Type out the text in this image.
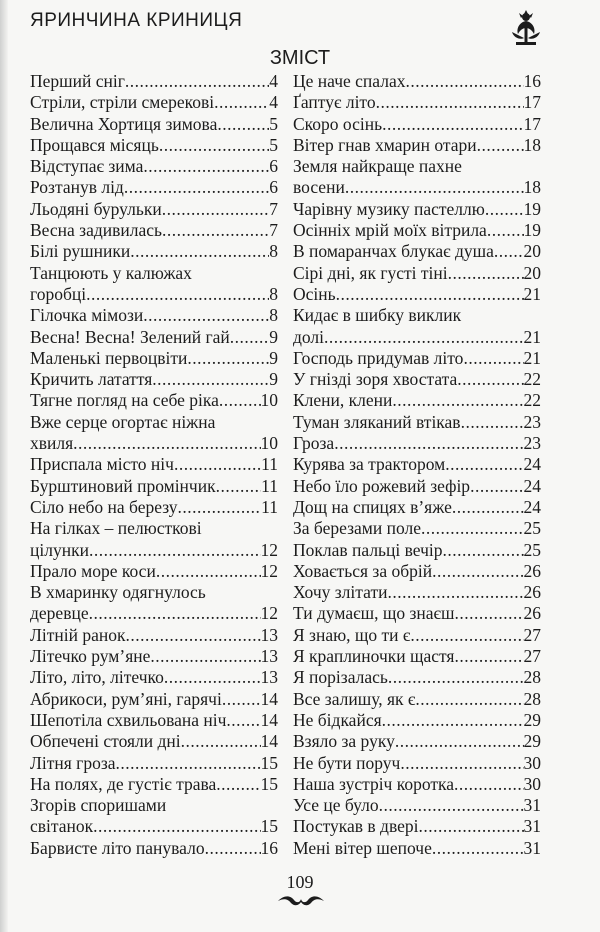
ЯРИНЧИНА КРИНИЦЯ
ЗМІСТ
Перший сніг .....	4
Стріли, стріли смерекові .....	4
Велична Хортиця зимова .....	5
Прощався місяць .....	5
Відступає зима .....	6
Розтанув лід .....	6
Льодяні бурульки .....	7
Весна задивилась .....	7
Білі рушники .....	8
Танцюють у калюжах
горобці .....	8
Гілочка мімози .....	8
Весна! Весна! Зелений гай ..... 9
Маленькі первоцвіти .....	9
Кричить латаття .....	9
Тягне погляд на себе ріка ..... 10
Вже серце огортає ніжна
хвиля .....	10
Приспала місто ніч .....	11
Бурштиновий промінчик .....	11
Сіло небо на березу .....	11
На гілках – пелюсткові
цілунки .....	12
Прало море коси .....	12
В хмаринку одягнулось
деревце .....	12
Літній ранок .....	13
Літечко рум’яне .....	13
Літо, літо, літечко .....	13
Абрикоси, рум’яні, гарячі ..... 14
Шепотіла схвильована ніч ..... 14
Обпечені стояли дні .....	14
Літня гроза .....	15
На полях, де густіє трава .....	15
Згорів споришами
світанок .....	15
Барвисте літо панувало .....	16
Це наче спалах .....	16
Ґаптує літо .....	17
Скоро осінь .....	17
Вітер гнав хмарин отари .....	18
Земля найкраще пахне
восени .....	18
Чарівну музику пастеллю ..... 19
Осінніх мрій моїх вітрила ..... 19
В помаранчах блукає душа ..... 20
Сірі дні, як густі тіні .....	20
Осінь .....	21
Кидає в шибку виклик
долі .....	21
Господь придумав літо .....	21
У гнізді зоря хвостата .....	22
Клени, клени .....	22
Туман зляканий втікав .....	23
Гроза .....	23
Курява за трактором .....	24
Небо їло рожевий зефір .....	24
Дощ на спицях в’яже .....	24
За березами поле .....	25
Поклав пальці вечір .....	25
Ховається за обрій .....	26
Хочу злітати .....	26
Ти думаєш, що знаєш .....	26
Я знаю, що ти є .....	27
Я краплиночки щастя .....	27
Я порізалась .....	28
Все залишу, як є .....	28
Не бідкайся .....	29
Взяло за руку .....	29
Не бути поруч .....	30
Наша зустріч коротка .....	30
Усе це було .....	31
Постукав в двері .....	31
Мені вітер шепоче .....	31
109
